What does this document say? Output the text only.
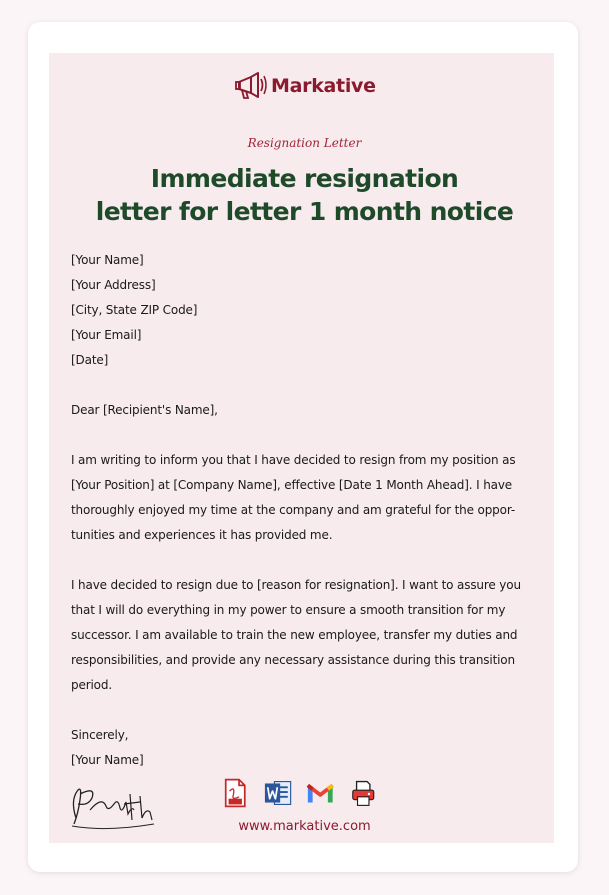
Markative
Resignation Letter
Immediate resignation
letter for letter 1 month notice
[Your Name]
[Your Address]
[City, State ZIP Code]
[Your Email]
[Date]
Dear [Recipient's Name],
I am writing to inform you that I have decided to resign from my position as
[Your Position] at [Company Name], effective [Date 1 Month Ahead]. I have
thoroughly enjoyed my time at the company and am grateful for the oppor-
tunities and experiences it has provided me.
I have decided to resign due to [reason for resignation]. I want to assure you
that I will do everything in my power to ensure a smooth transition for my
successor. I am available to train the new employee, transfer my duties and
responsibilities, and provide any necessary assistance during this transition
period.
Sincerely,
[Your Name]
www.markative.com
